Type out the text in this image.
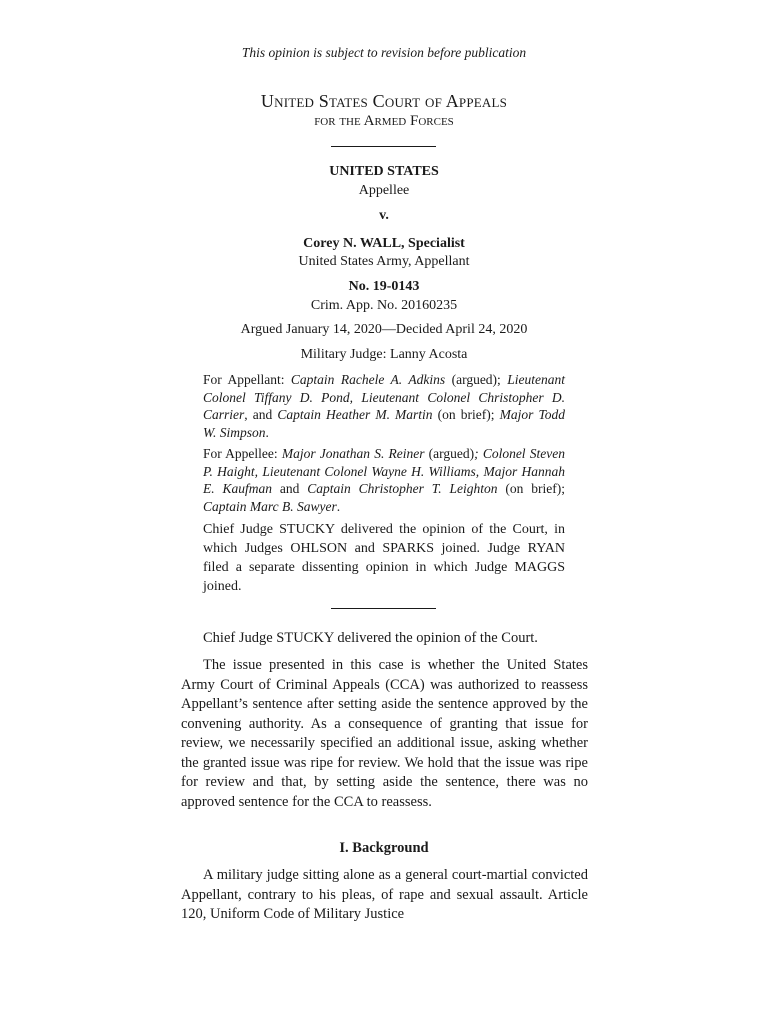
This opinion is subject to revision before publication
United States Court of Appeals
for the Armed Forces
UNITED STATES
Appellee
v.
Corey N. WALL, Specialist
United States Army, Appellant
No. 19-0143
Crim. App. No. 20160235
Argued January 14, 2020—Decided April 24, 2020
Military Judge: Lanny Acosta
For Appellant: Captain Rachele A. Adkins (argued); Lieutenant Colonel Tiffany D. Pond, Lieutenant Colonel Christopher D. Carrier, and Captain Heather M. Martin (on brief); Major Todd W. Simpson.
For Appellee: Major Jonathan S. Reiner (argued); Colonel Steven P. Haight, Lieutenant Colonel Wayne H. Williams, Major Hannah E. Kaufman and Captain Christopher T. Leighton (on brief); Captain Marc B. Sawyer.
Chief Judge STUCKY delivered the opinion of the Court, in which Judges OHLSON and SPARKS joined. Judge RYAN filed a separate dissenting opinion in which Judge MAGGS joined.
Chief Judge STUCKY delivered the opinion of the Court.
The issue presented in this case is whether the United States Army Court of Criminal Appeals (CCA) was authorized to reassess Appellant’s sentence after setting aside the sentence approved by the convening authority. As a consequence of granting that issue for review, we necessarily specified an additional issue, asking whether the granted issue was ripe for review. We hold that the issue was ripe for review and that, by setting aside the sentence, there was no approved sentence for the CCA to reassess.
I. Background
A military judge sitting alone as a general court-martial convicted Appellant, contrary to his pleas, of rape and sexual assault. Article 120, Uniform Code of Military Justice
